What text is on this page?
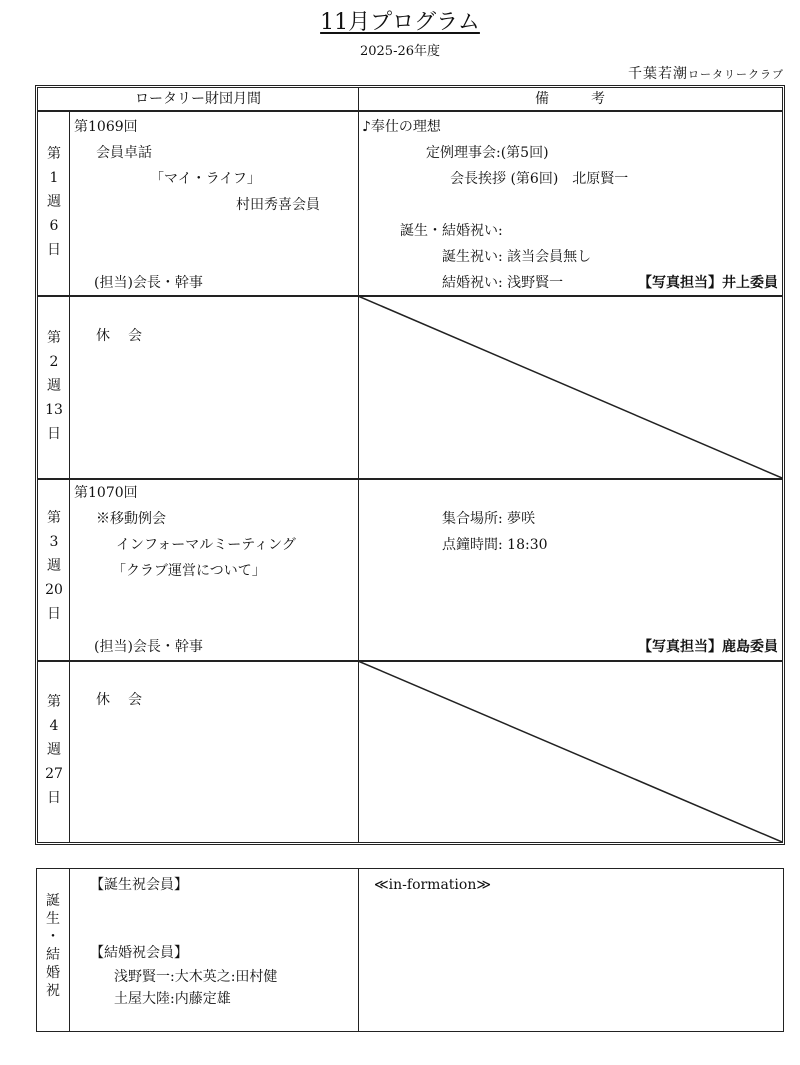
11月プログラム
2025-26年度
千葉若潮ロータリークラブ
ロータリー財団月間	備　　　考
第
1
週
6
日
第1069回
会員卓話
「マイ・ライフ」
村田秀喜会員
(担当)会長・幹事
♪奉仕の理想
定例理事会:(第5回)
会長挨拶 (第6回)　北原賢一
誕生・結婚祝い:
誕生祝い: 該当会員無し
結婚祝い: 浅野賢一	【写真担当】井上委員
第
2
週
13
日
休　会
第
3
週
20
日
第1070回
※移動例会
インフォーマルミーティング
「クラブ運営について」
(担当)会長・幹事
集合場所: 夢咲
点鐘時間: 18:30
【写真担当】鹿島委員
第
4
週
27
日
休　会
誕
生
・
結
婚
祝
【誕生祝会員】
【結婚祝会員】
浅野賢一:大木英之:田村健
土屋大陸:内藤定雄
≪in-formation≫
